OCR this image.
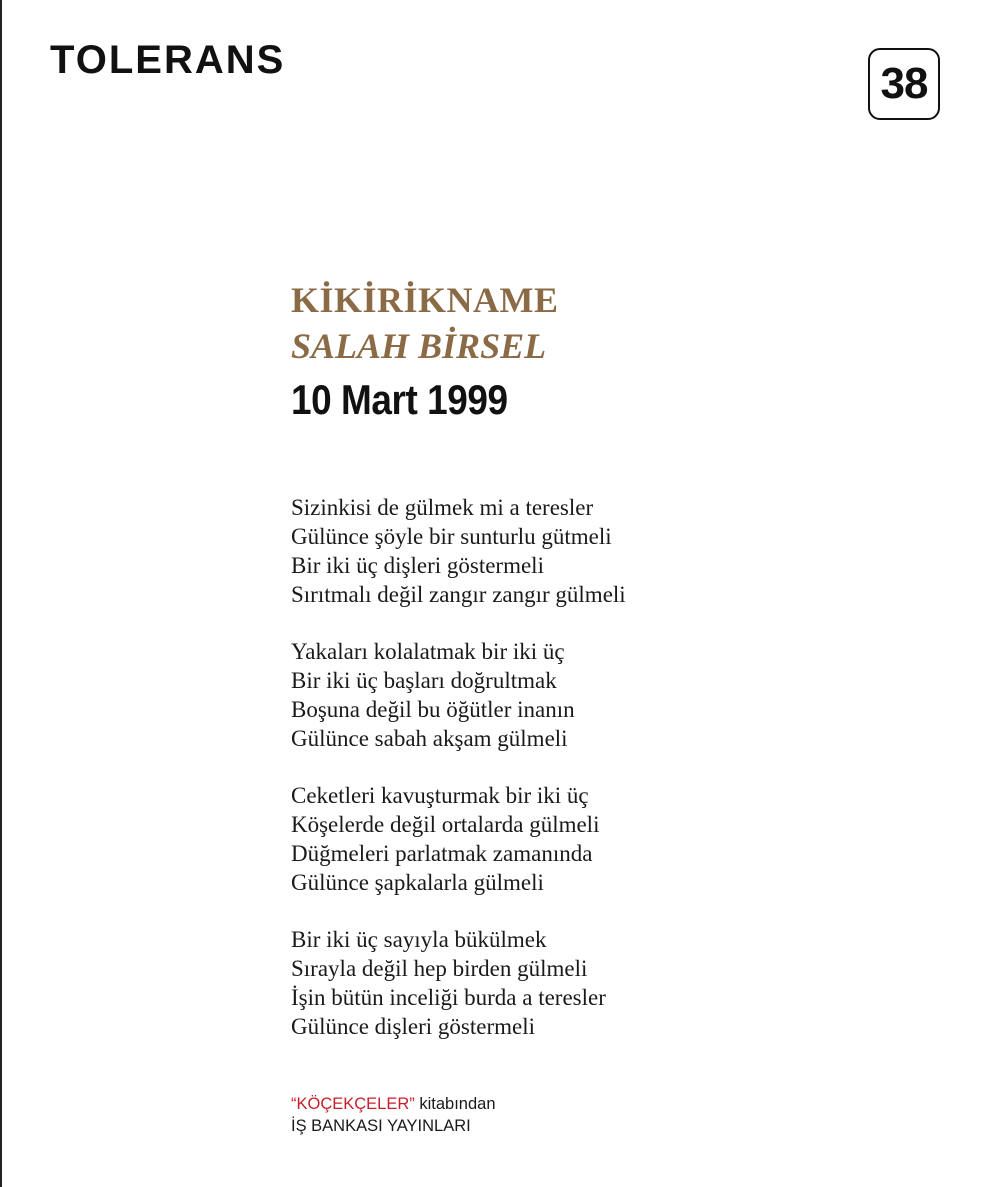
TOLERANS	38
KİKİRİKNAME
SALAH BİRSEL
10 Mart 1999
Sizinkisi de gülmek mi a teresler
Gülünce şöyle bir sunturlu gütmeli
Bir iki üç dişleri göstermeli
Sırıtmalı değil zangır zangır gülmeli
Yakaları kolalatmak bir iki üç
Bir iki üç başları doğrultmak
Boşuna değil bu öğütler inanın
Gülünce sabah akşam gülmeli
Ceketleri kavuşturmak bir iki üç
Köşelerde değil ortalarda gülmeli
Düğmeleri parlatmak zamanında
Gülünce şapkalarla gülmeli
Bir iki üç sayıyla bükülmek
Sırayla değil hep birden gülmeli
İşin bütün inceliği burda a teresler
Gülünce dişleri göstermeli
“KÖÇEKÇELER” kitabından
İŞ BANKASI YAYINLARI
